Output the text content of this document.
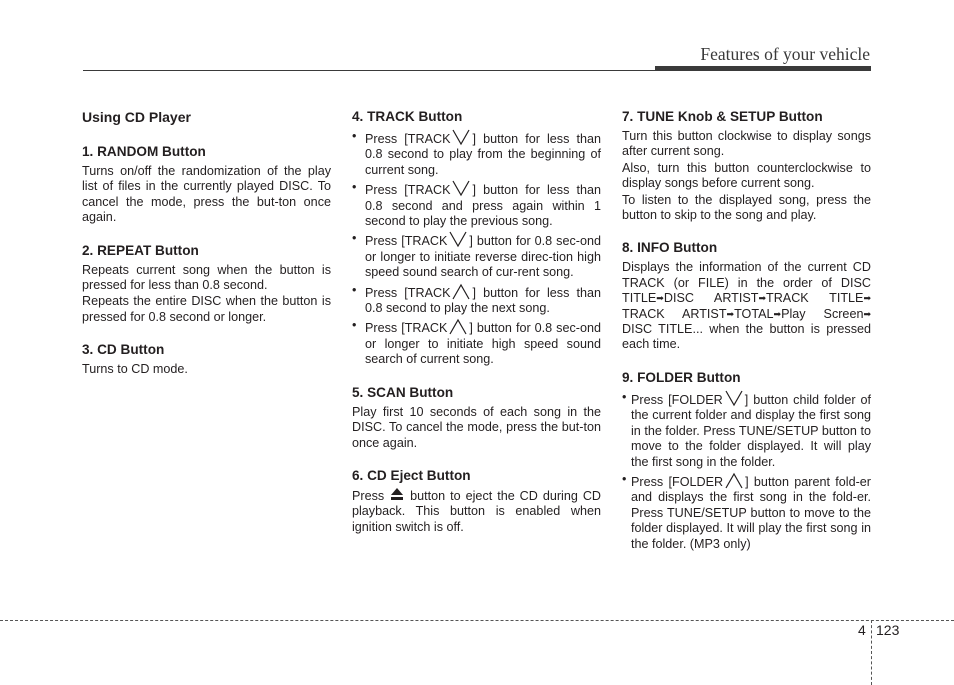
Features of your vehicle
Using CD Player
1. RANDOM Button

Turns on/off the randomization of the play list of files in the currently played DISC. To cancel the mode, press the but-ton once again.

2. REPEAT Button

Repeats current song when the button is pressed for less than 0.8 second.

Repeats the entire DISC when the button is pressed for 0.8 second or longer.

3. CD Button

Turns to CD mode.

4. TRACK Button
• Press [TRACK ] button for less than 0.8 second to play from the beginning of current song.
• Press [TRACK ] button for less than 0.8 second and press again within 1 second to play the previous song.
• Press [TRACK ] button for 0.8 sec-ond or longer to initiate reverse direc-tion high speed sound search of cur-rent song.
• Press [TRACK ] button for less than 0.8 second to play the next song.
• Press [TRACK ] button for 0.8 sec-ond or longer to initiate high speed sound search of current song.
5. SCAN Button

Play first 10 seconds of each song in the DISC. To cancel the mode, press the but-ton once again.

6. CD Eject Button

Press button to eject the CD during CD playback. This button is enabled when ignition switch is off.

7. TUNE Knob & SETUP Button

Turn this button clockwise to display songs after current song.

Also, turn this button counterclockwise to display songs before current song.

To listen to the displayed song, press the button to skip to the song and play.

8. INFO Button

Displays the information of the current CD TRACK (or FILE) in the order of DISC TITLE➡DISC ARTIST➡TRACK TITLE➡ TRACK ARTIST➡TOTAL➡Play Screen➡ DISC TITLE... when the button is pressed each time.

9. FOLDER Button
• Press [FOLDER ] button child folder of the current folder and display the first song in the folder. Press TUNE/SETUP button to move to the folder displayed. It will play the first song in the folder.
• Press [FOLDER ] button parent fold-er and displays the first song in the fold-er. Press TUNE/SETUP button to move to the folder displayed. It will play the first song in the folder. (MP3 only)
4 123
